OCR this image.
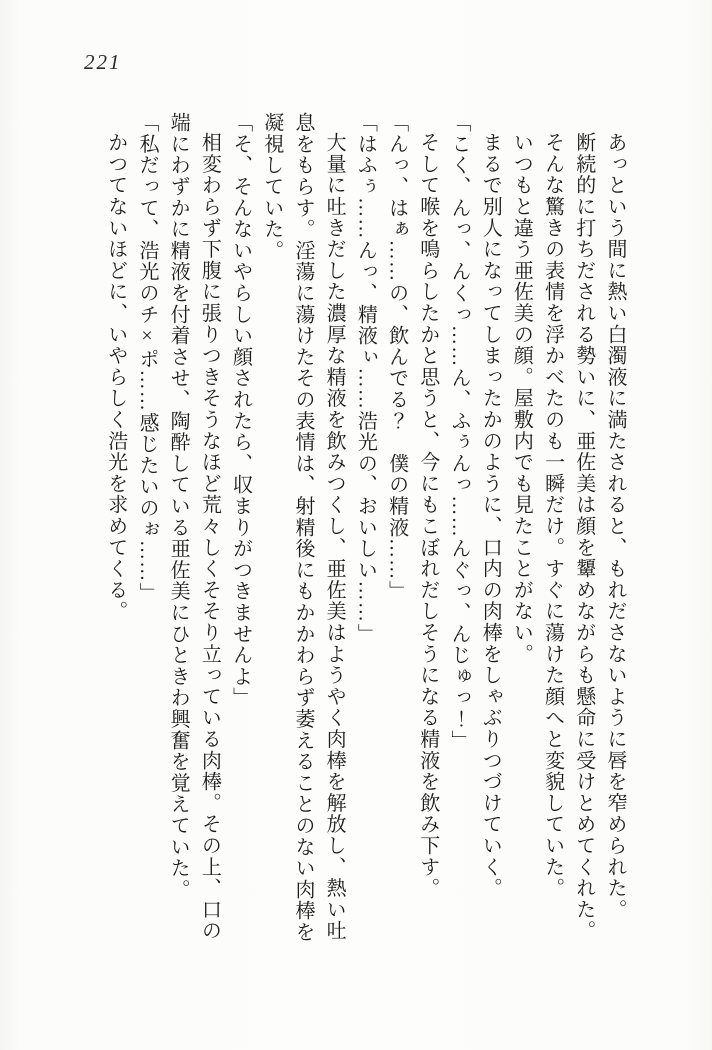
221

あっという間に熱い白濁液に満たされると、もれださないように唇を窄められた。

断続的に打ちだされる勢いに、亜佐美は顔を顰めながらも懸命に受けとめてくれた。

そんな驚きの表情を浮かべたのも一瞬だけ。すぐに蕩けた顔へと変貌していた。

いつもと違う亜佐美の顔。屋敷内でも見たことがない。

まるで別人になってしまったかのように、口内の肉棒をしゃぶりつづけていく。

「こく、んっ、んくっ……ん、ふぅんっ……んぐっ、んじゅっ！」

そして喉を鳴らしたかと思うと、今にもこぼれだしそうになる精液を飲み下す。

「んっ、はぁ……の、飲んでる？　僕の精液……」

「はふぅ……んっ、精液ぃ……浩光の、おいしい……」

大量に吐きだした濃厚な精液を飲みつくし、亜佐美はようやく肉棒を解放し、熱い吐息をもらす。淫蕩に蕩けたその表情は、射精後にもかかわらず萎えることのない肉棒を凝視していた。

「そ、そんないやらしい顔されたら、収まりがつきませんよ」

相変わらず下腹に張りつきそうなほど荒々しくそそり立っている肉棒。その上、口の端にわずかに精液を付着させ、陶酔している亜佐美にひときわ興奮を覚えていた。

「私だって、浩光のチ×ポ……感じたいのぉ……」

かつてないほどに、いやらしく浩光を求めてくる。
